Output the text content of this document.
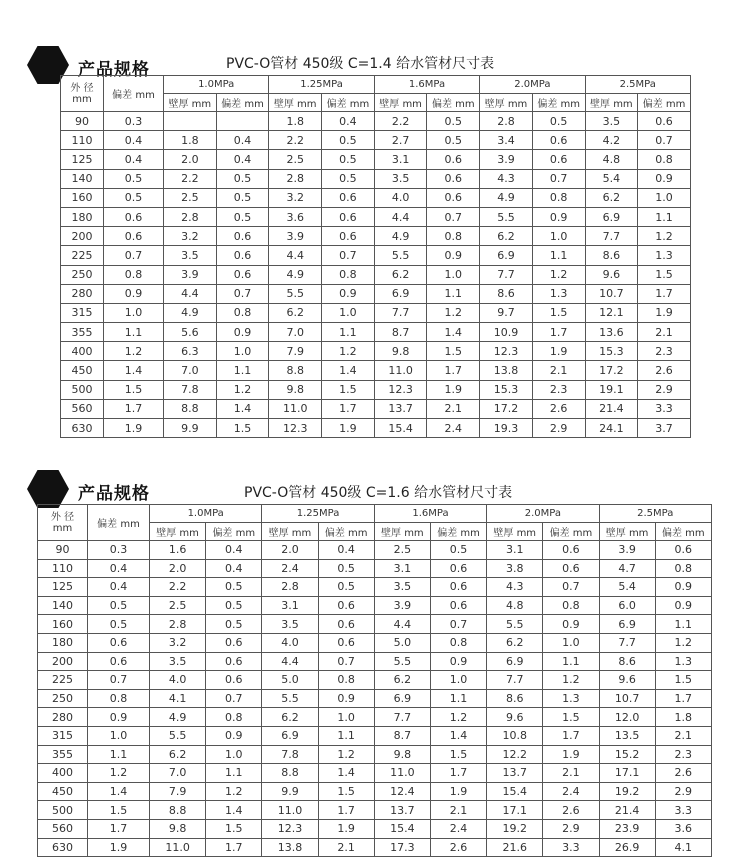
产品规格	PVC-O管材 450级 C=1.4 给水管材尺寸表
外 径
mm	偏差 mm	1.0MPa		1.25MPa		1.6MPa		2.0MPa		2.5MPa	
		壁厚 mm	偏差 mm	壁厚 mm	偏差 mm	壁厚 mm	偏差 mm	壁厚 mm	偏差 mm	壁厚 mm	偏差 mm
90	0.3			1.8	0.4	2.2	0.5	2.8	0.5	3.5	0.6
110	0.4	1.8	0.4	2.2	0.5	2.7	0.5	3.4	0.6	4.2	0.7
125	0.4	2.0	0.4	2.5	0.5	3.1	0.6	3.9	0.6	4.8	0.8
140	0.5	2.2	0.5	2.8	0.5	3.5	0.6	4.3	0.7	5.4	0.9
160	0.5	2.5	0.5	3.2	0.6	4.0	0.6	4.9	0.8	6.2	1.0
180	0.6	2.8	0.5	3.6	0.6	4.4	0.7	5.5	0.9	6.9	1.1
200	0.6	3.2	0.6	3.9	0.6	4.9	0.8	6.2	1.0	7.7	1.2
225	0.7	3.5	0.6	4.4	0.7	5.5	0.9	6.9	1.1	8.6	1.3
250	0.8	3.9	0.6	4.9	0.8	6.2	1.0	7.7	1.2	9.6	1.5
280	0.9	4.4	0.7	5.5	0.9	6.9	1.1	8.6	1.3	10.7	1.7
315	1.0	4.9	0.8	6.2	1.0	7.7	1.2	9.7	1.5	12.1	1.9
355	1.1	5.6	0.9	7.0	1.1	8.7	1.4	10.9	1.7	13.6	2.1
400	1.2	6.3	1.0	7.9	1.2	9.8	1.5	12.3	1.9	15.3	2.3
450	1.4	7.0	1.1	8.8	1.4	11.0	1.7	13.8	2.1	17.2	2.6
500	1.5	7.8	1.2	9.8	1.5	12.3	1.9	15.3	2.3	19.1	2.9
560	1.7	8.8	1.4	11.0	1.7	13.7	2.1	17.2	2.6	21.4	3.3
630	1.9	9.9	1.5	12.3	1.9	15.4	2.4	19.3	2.9	24.1	3.7
产品规格	PVC-O管材 450级 C=1.6 给水管材尺寸表
外 径
mm	偏差 mm	1.0MPa		1.25MPa		1.6MPa		2.0MPa		2.5MPa	
		壁厚 mm	偏差 mm	壁厚 mm	偏差 mm	壁厚 mm	偏差 mm	壁厚 mm	偏差 mm	壁厚 mm	偏差 mm
90	0.3	1.6	0.4	2.0	0.4	2.5	0.5	3.1	0.6	3.9	0.6
110	0.4	2.0	0.4	2.4	0.5	3.1	0.6	3.8	0.6	4.7	0.8
125	0.4	2.2	0.5	2.8	0.5	3.5	0.6	4.3	0.7	5.4	0.9
140	0.5	2.5	0.5	3.1	0.6	3.9	0.6	4.8	0.8	6.0	0.9
160	0.5	2.8	0.5	3.5	0.6	4.4	0.7	5.5	0.9	6.9	1.1
180	0.6	3.2	0.6	4.0	0.6	5.0	0.8	6.2	1.0	7.7	1.2
200	0.6	3.5	0.6	4.4	0.7	5.5	0.9	6.9	1.1	8.6	1.3
225	0.7	4.0	0.6	5.0	0.8	6.2	1.0	7.7	1.2	9.6	1.5
250	0.8	4.1	0.7	5.5	0.9	6.9	1.1	8.6	1.3	10.7	1.7
280	0.9	4.9	0.8	6.2	1.0	7.7	1.2	9.6	1.5	12.0	1.8
315	1.0	5.5	0.9	6.9	1.1	8.7	1.4	10.8	1.7	13.5	2.1
355	1.1	6.2	1.0	7.8	1.2	9.8	1.5	12.2	1.9	15.2	2.3
400	1.2	7.0	1.1	8.8	1.4	11.0	1.7	13.7	2.1	17.1	2.6
450	1.4	7.9	1.2	9.9	1.5	12.4	1.9	15.4	2.4	19.2	2.9
500	1.5	8.8	1.4	11.0	1.7	13.7	2.1	17.1	2.6	21.4	3.3
560	1.7	9.8	1.5	12.3	1.9	15.4	2.4	19.2	2.9	23.9	3.6
630	1.9	11.0	1.7	13.8	2.1	17.3	2.6	21.6	3.3	26.9	4.1
